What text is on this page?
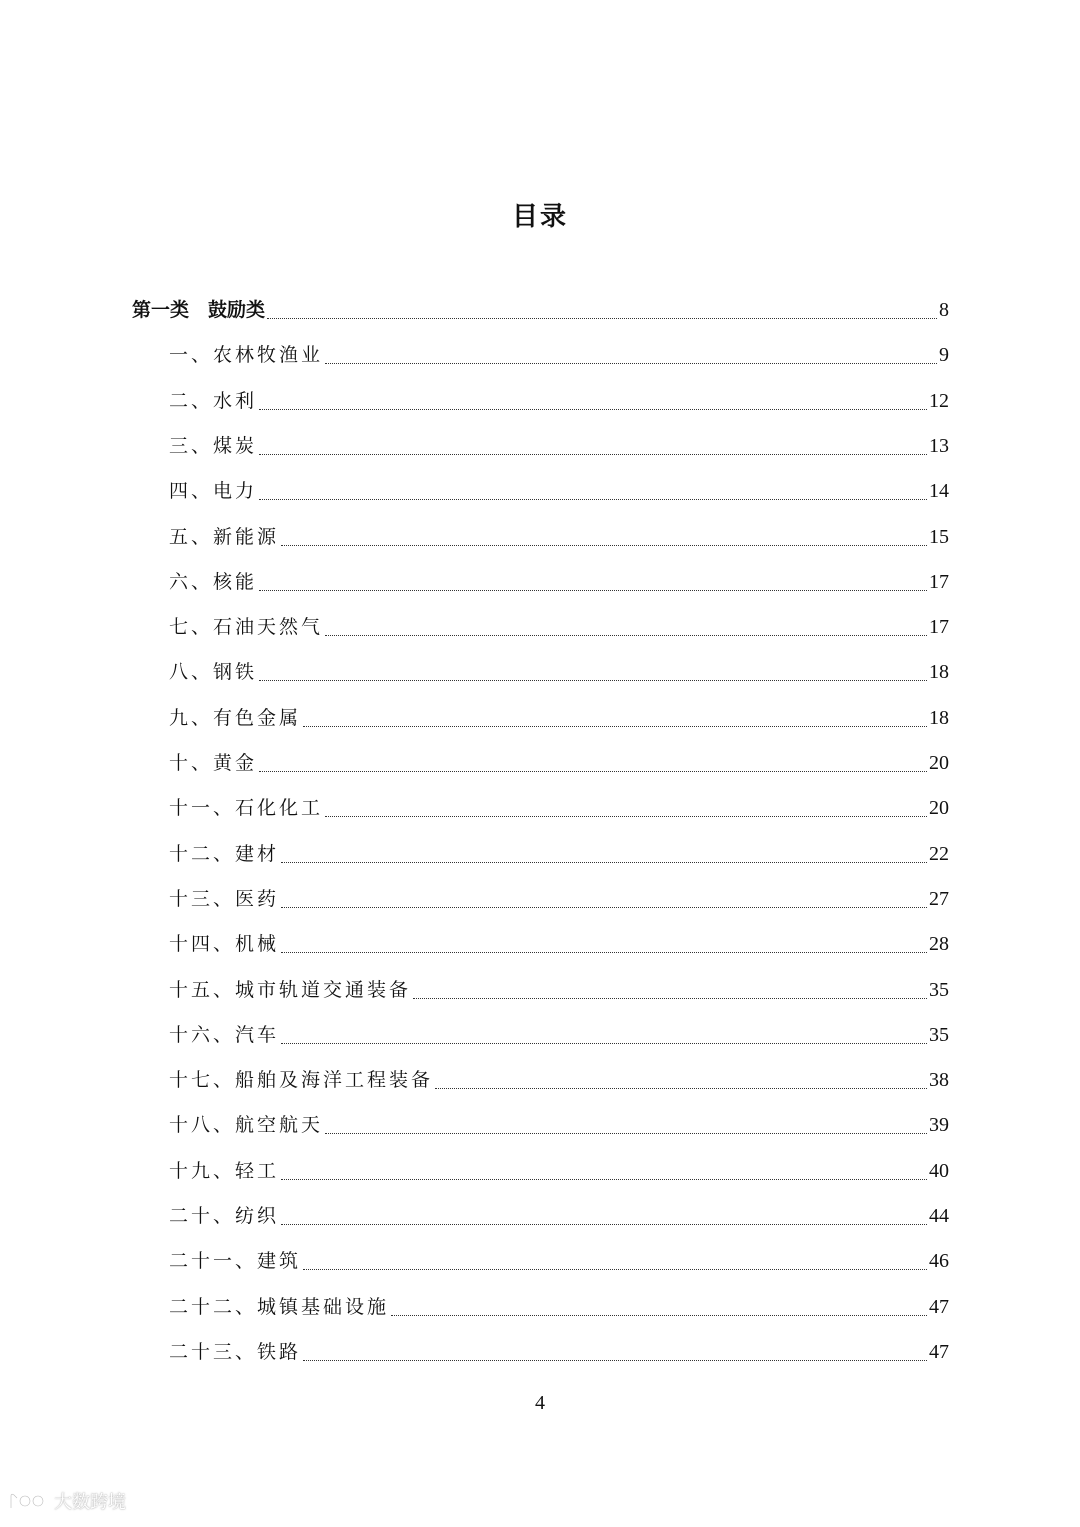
目录
第一类　鼓励类	8
一、农林牧渔业	9
二、水利	12
三、煤炭	13
四、电力	14
五、新能源	15
六、核能	17
七、石油天然气	17
八、钢铁	18
九、有色金属	18
十、黄金	20
十一、石化化工	20
十二、建材	22
十三、医药	27
十四、机械	28
十五、城市轨道交通装备	35
十六、汽车	35
十七、船舶及海洋工程装备	38
十八、航空航天	39
十九、轻工	40
二十、纺织	44
二十一、建筑	46
二十二、城镇基础设施	47
二十三、铁路	47
4
大数跨境
